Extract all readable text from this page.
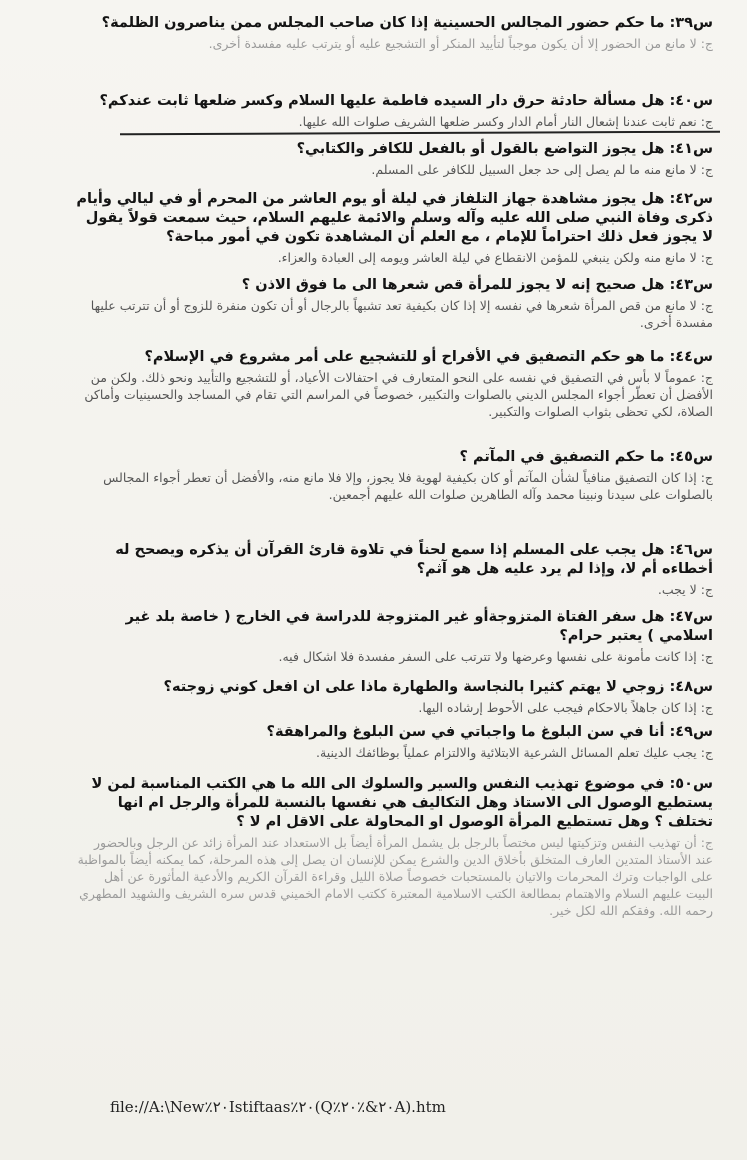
س٣٩: ما حكم حضور المجالس الحسينية إذا كان صاحب المجلس ممن يناصرون الظلمة؟

ج: لا مانع من الحضور إلا أن يكون موجباً لتأييد المنكر أو التشجيع عليه أو يترتب عليه مفسدة أخرى.

س٤٠: هل مسألة حادثة حرق دار السيده فاطمة عليها السلام وكسر ضلعها ثابت عندكم؟

ج: نعم ثابت عندنا إشعال النار أمام الدار وكسر ضلعها الشريف صلوات الله عليها.

س٤١: هل يجوز التواضع بالقول أو بالفعل للكافر والكتابي؟

ج: لا مانع منه ما لم يصل إلى حد جعل السبيل للكافر على المسلم.

س٤٢: هل يجوز مشاهدة جهاز التلفاز في ليلة أو يوم العاشر من المحرم أو في ليالي وأيام ذكرى وفاة النبي صلى الله عليه وآله وسلم والائمة عليهم السلام، حيث سمعت قولاً يقول لا يجوز فعل ذلك احتراماً للإمام ، مع العلم أن المشاهدة تكون في أمور مباحة؟

ج: لا مانع منه ولكن ينبغي للمؤمن الانقطاع في ليلة العاشر ويومه إلى العبادة والعزاء.

س٤٣: هل صحيح إنه لا يجوز للمرأة قص شعرها الى ما فوق الاذن ؟

ج: لا مانع من قص المرأة شعرها في نفسه إلا إذا كان بكيفية تعد تشبهاً بالرجال أو أن تكون منفرة للزوج أو أن تترتب عليها مفسدة أخرى.

س٤٤: ما هو حكم التصفيق في الأفراح أو للتشجيع على أمر مشروع في الإسلام؟

ج: عموماً لا بأس في التصفيق في نفسه على النحو المتعارف في احتفالات الأعياد، أو للتشجيع والتأييد ونحو ذلك. ولكن من الأفضل أن تعطّر أجواء المجلس الديني بالصلوات والتكبير، خصوصاً في المراسم التي تقام في المساجد والحسينيات وأماكن الصلاة، لكي تحظى بثواب الصلوات والتكبير.

س٤٥: ما حكم التصفيق في المآتم ؟

ج: إذا كان التصفيق منافياً لشأن المآتم أو كان بكيفية لهوية فلا يجوز، وإلا فلا مانع منه، والأفضل أن تعطر أجواء المجالس بالصلوات على سيدنا ونبينا محمد وآله الطاهرين صلوات الله عليهم أجمعين.

س٤٦: هل يجب على المسلم إذا سمع لحناً في تلاوة قارئ القرآن أن يذكره ويصحح له أخطاءه أم لا، وإذا لم يرد عليه هل هو آثم؟

ج: لا يجب.

س٤٧: هل سفر الفتاة المتزوجةأو غير المتزوجة للدراسة في الخارج ( خاصة بلد غير اسلامي ) يعتبر حرام؟

ج: إذا كانت مأمونة على نفسها وعرضها ولا تترتب على السفر مفسدة فلا اشكال فيه.

س٤٨: زوجي لا يهتم كثيرا بالنجاسة والطهارة ماذا على ان افعل كوني زوجته؟

ج: إذا كان جاهلاً بالاحكام فيجب على الأحوط إرشاده اليها.

س٤٩: أنا في سن البلوغ ما واجباتي في سن البلوغ والمراهقة؟

ج: يجب عليك تعلم المسائل الشرعية الابتلائية والالتزام عملياً بوظائفك الدينية.

س٥٠: في موضوع تهذيب النفس والسير والسلوك الى الله ما هي الكتب المناسبة لمن لا يستطيع الوصول الى الاستاذ وهل التكاليف هي نفسها بالنسبة للمرأة والرجل ام انها تختلف ؟ وهل تستطيع المرأة الوصول او المحاولة على الاقل ام لا ؟

ج: أن تهذيب النفس وتزكيتها ليس مختصاً بالرجل بل يشمل المرأة أيضاً بل الاستعداد عند المرأة زائد عن الرجل وبالحضور عند الأستاذ المتدين العارف المتخلق بأخلاق الدين والشرع يمكن للإنسان ان يصل إلى هذه المرحلة، كما يمكنه أيضاً بالمواظبة على الواجبات وترك المحرمات والاتيان بالمستحبات خصوصاً صلاة الليل وقراءة القرآن الكريم والأدعية المأثورة عن أهل البيت عليهم السلام والاهتمام بمطالعة الكتب الاسلامية المعتبرة ككتب الامام الخميني قدس سره الشريف والشهيد المطهري رحمه الله. وفقكم الله لكل خير.

file://A:\New٪٢٠Istiftaas٪٢٠(Q٪٢٠&٪٢٠A).htm
